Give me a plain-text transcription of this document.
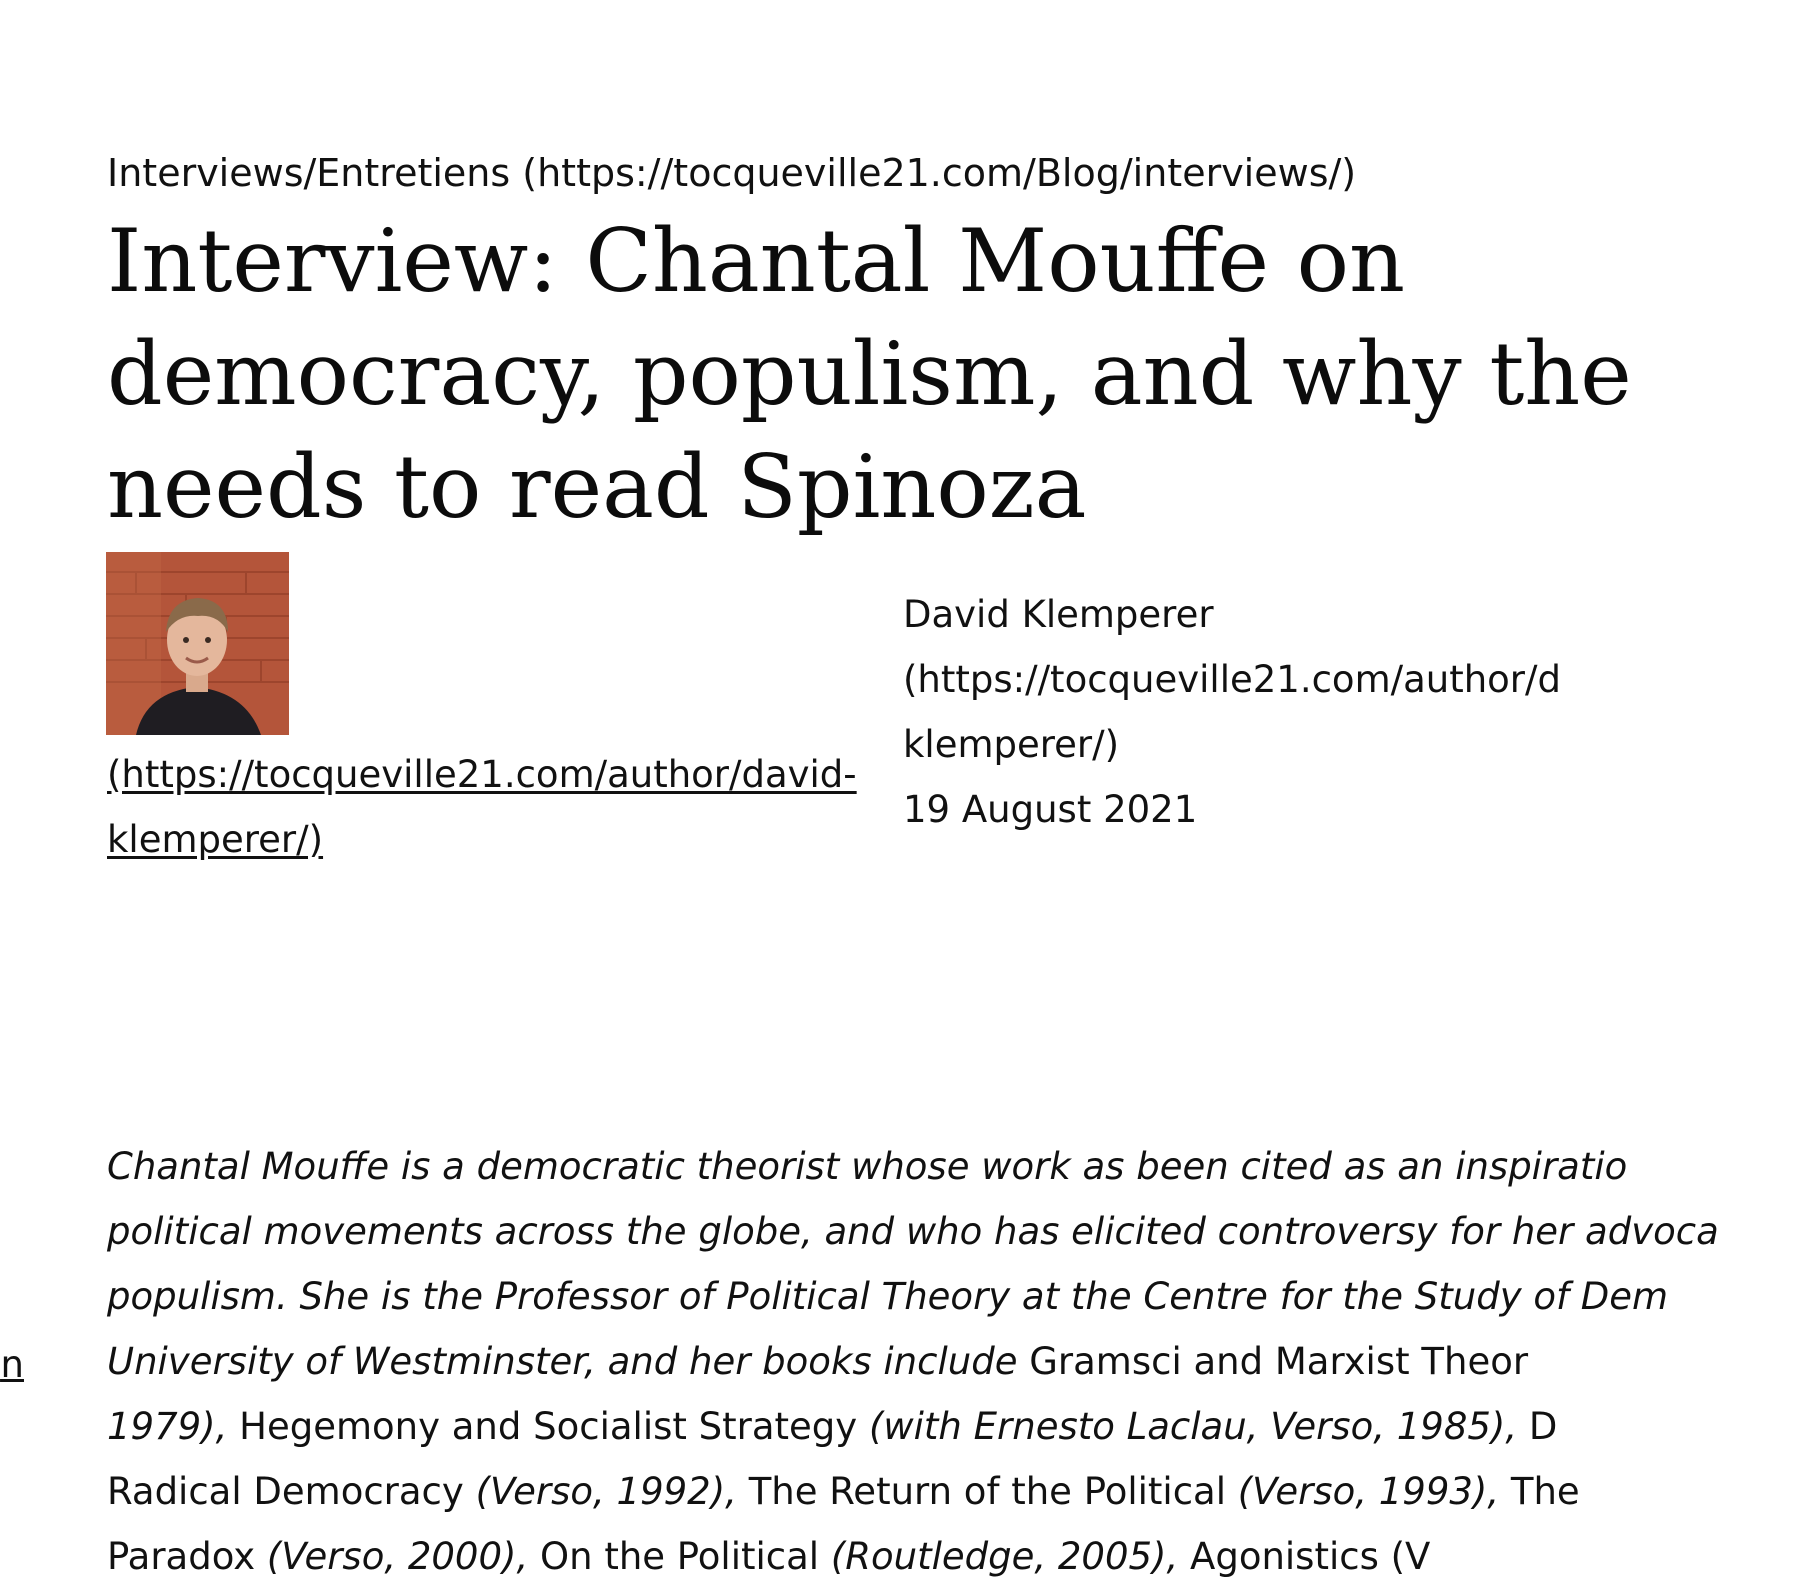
Interviews/Entretiens (https://tocqueville21.com/Blog/interviews/)
Interview: Chantal Mouffe on
democracy, populism, and why the
needs to read Spinoza
(https://tocqueville21.com/author/david-
klemperer/)
David Klemperer
(https://tocqueville21.com/author/d
klemperer/)
19 August 2021
n
Chantal Mouffe is a democratic theorist whose work as been cited as an inspiratio
political movements across the globe, and who has elicited controversy for her advoca
populism. She is the Professor of Political Theory at the Centre for the Study of Dem
University of Westminster, and her books include Gramsci and Marxist Theor
1979), Hegemony and Socialist Strategy (with Ernesto Laclau, Verso, 1985), D
Radical Democracy (Verso, 1992), The Return of the Political (Verso, 1993), The
Paradox (Verso, 2000), On the Political (Routledge, 2005), Agonistics (V
